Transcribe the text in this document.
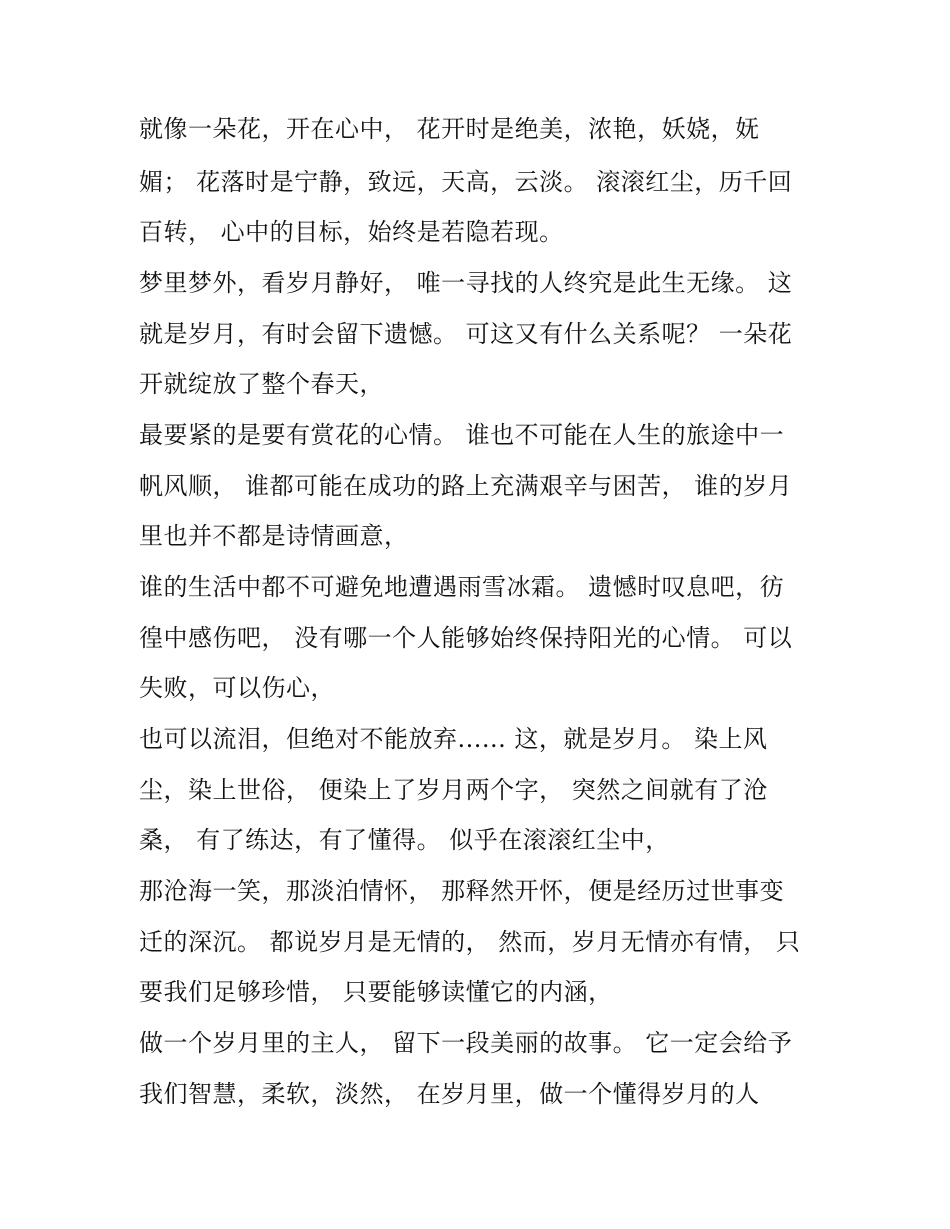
就像一朵花，开在心中， 花开时是绝美，浓艳，妖娆，妩
媚； 花落时是宁静，致远，天高，云淡。 滚滚红尘，历千回
百转， 心中的目标，始终是若隐若现。
梦里梦外，看岁月静好， 唯一寻找的人终究是此生无缘。 这
就是岁月，有时会留下遗憾。 可这又有什么关系呢？ 一朵花
开就绽放了整个春天，
最要紧的是要有赏花的心情。 谁也不可能在人生的旅途中一
帆风顺， 谁都可能在成功的路上充满艰辛与困苦， 谁的岁月
里也并不都是诗情画意，
谁的生活中都不可避免地遭遇雨雪冰霜。 遗憾时叹息吧，彷
徨中感伤吧， 没有哪一个人能够始终保持阳光的心情。 可以
失败，可以伤心，
也可以流泪，但绝对不能放弃...... 这，就是岁月。 染上风
尘，染上世俗， 便染上了岁月两个字， 突然之间就有了沧
桑， 有了练达，有了懂得。 似乎在滚滚红尘中，
那沧海一笑，那淡泊情怀， 那释然开怀，便是经历过世事变
迁的深沉。 都说岁月是无情的， 然而，岁月无情亦有情， 只
要我们足够珍惜， 只要能够读懂它的内涵，
做一个岁月里的主人， 留下一段美丽的故事。 它一定会给予
我们智慧，柔软，淡然， 在岁月里，做一个懂得岁月的人
